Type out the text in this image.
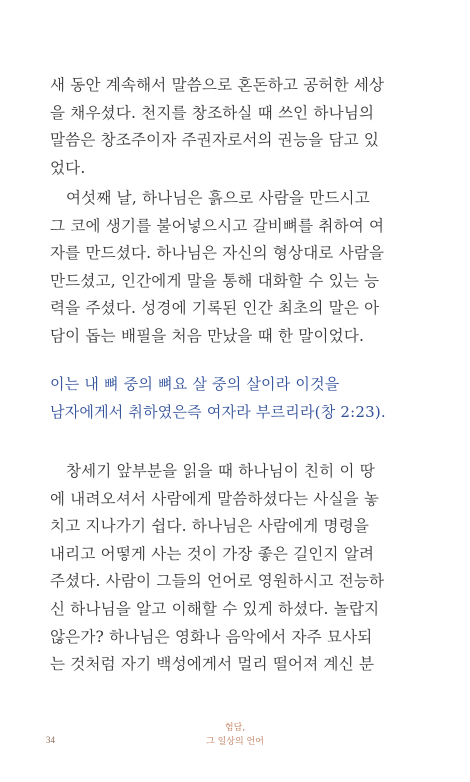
새 동안 계속해서 말씀으로 혼돈하고 공허한 세상
을 채우셨다. 천지를 창조하실 때 쓰인 하나님의
말씀은 창조주이자 주권자로서의 권능을 담고 있
었다.
여섯째 날, 하나님은 흙으로 사람을 만드시고
그 코에 생기를 불어넣으시고 갈비뼈를 취하여 여
자를 만드셨다. 하나님은 자신의 형상대로 사람을
만드셨고, 인간에게 말을 통해 대화할 수 있는 능
력을 주셨다. 성경에 기록된 인간 최초의 말은 아
담이 돕는 배필을 처음 만났을 때 한 말이었다.
이는 내 뼈 중의 뼈요 살 중의 살이라 이것을
남자에게서 취하였은즉 여자라 부르리라(창 2:23).
창세기 앞부분을 읽을 때 하나님이 친히 이 땅
에 내려오셔서 사람에게 말씀하셨다는 사실을 놓
치고 지나가기 쉽다. 하나님은 사람에게 명령을
내리고 어떻게 사는 것이 가장 좋은 길인지 알려
주셨다. 사람이 그들의 언어로 영원하시고 전능하
신 하나님을 알고 이해할 수 있게 하셨다. 놀랍지
않은가? 하나님은 영화나 음악에서 자주 묘사되
는 것처럼 자기 백성에게서 멀리 떨어져 계신 분
34
험담,
그 일상의 언어
